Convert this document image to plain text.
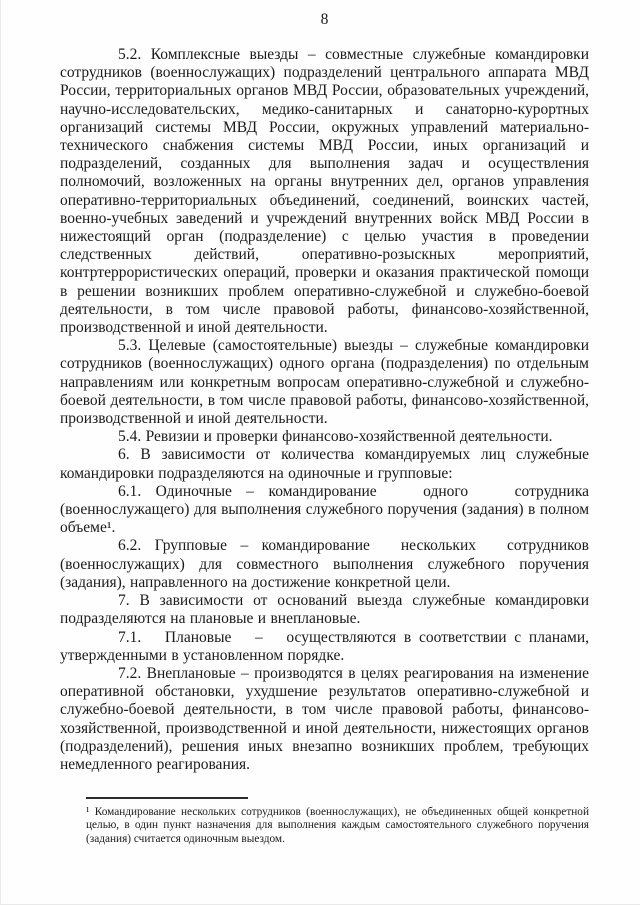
8

5.2. Комплексные выезды – совместные служебные командировки сотрудников (военнослужащих) подразделений центрального аппарата МВД России, территориальных органов МВД России, образовательных учреждений, научно-исследовательских, медико-санитарных и санаторно-курортных организаций системы МВД России, окружных управлений материально-технического снабжения системы МВД России, иных организаций и подразделений, созданных для выполнения задач и осуществления полномочий, возложенных на органы внутренних дел, органов управления оперативно-территориальных объединений, соединений, воинских частей, военно-учебных заведений и учреждений внутренних войск МВД России в нижестоящий орган (подразделение) с целью участия в проведении следственных действий, оперативно-розыскных мероприятий, контртеррористических операций, проверки и оказания практической помощи в решении возникших проблем оперативно-служебной и служебно-боевой деятельности, в том числе правовой работы, финансово-хозяйственной, производственной и иной деятельности.

5.3. Целевые (самостоятельные) выезды – служебные командировки сотрудников (военнослужащих) одного органа (подразделения) по отдельным направлениям или конкретным вопросам оперативно-служебной и служебно-боевой деятельности, в том числе правовой работы, финансово-хозяйственной, производственной и иной деятельности.

5.4. Ревизии и проверки финансово-хозяйственной деятельности.

6. В зависимости от количества командируемых лиц служебные командировки подразделяются на одиночные и групповые:

6.1. Одиночные – командирование   одного   сотрудника (военнослужащего) для выполнения служебного поручения (задания) в полном объеме¹.

6.2. Групповые – командирование  нескольких  сотрудников (военнослужащих) для совместного выполнения служебного поручения (задания), направленного на достижение конкретной цели.

7. В зависимости от оснований выезда служебные командировки подразделяются на плановые и внеплановые.

7.1. Плановые – осуществляются в соответствии с планами, утвержденными в установленном порядке.

7.2. Внеплановые – производятся в целях реагирования на изменение оперативной обстановки, ухудшение результатов оперативно-служебной и служебно-боевой деятельности, в том числе правовой работы, финансово-хозяйственной, производственной и иной деятельности, нижестоящих органов (подразделений), решения иных внезапно возникших проблем, требующих немедленного реагирования.

¹ Командирование нескольких сотрудников (военнослужащих), не объединенных общей конкретной целью, в один пункт назначения для выполнения каждым самостоятельного служебного поручения (задания) считается одиночным выездом.
